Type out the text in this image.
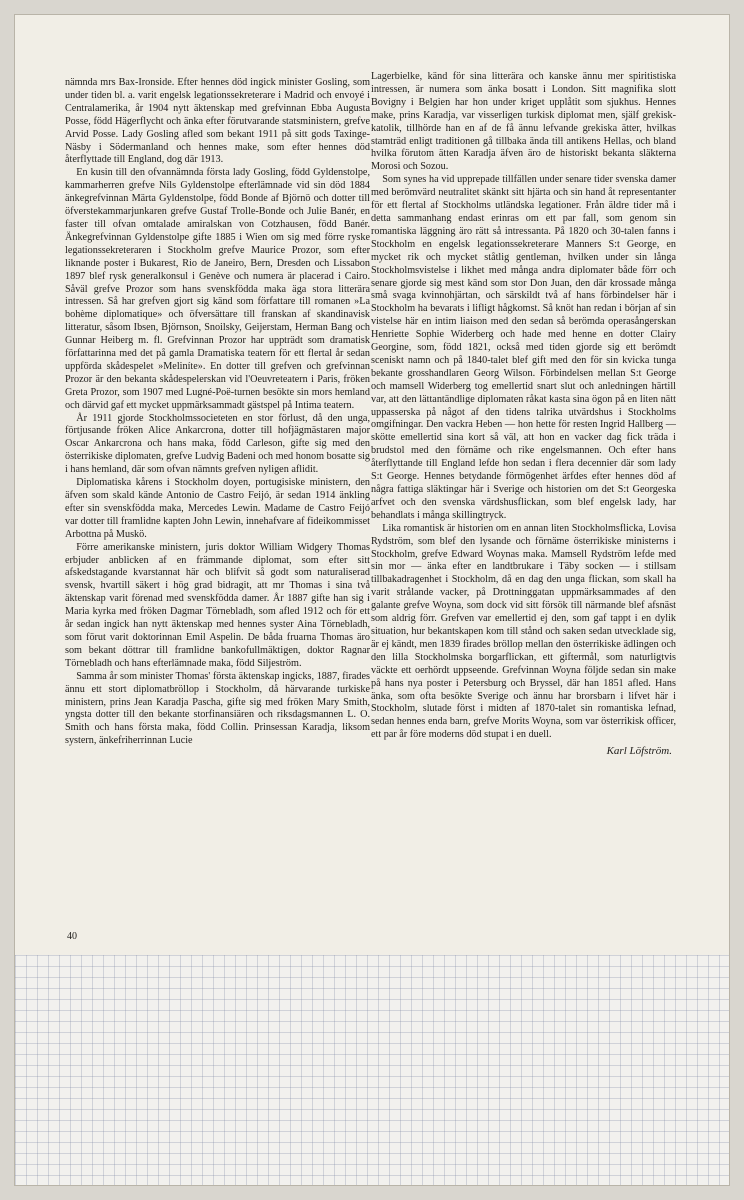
nämnda mrs Bax-Ironside. Efter hennes död ingick minister Gosling, som under tiden bl. a. varit engelsk legationssekreterare i Madrid och envoyé i Centralamerika, år 1904 nytt äktenskap med grefvinnan Ebba Augusta Posse, född Hägerflycht och änka efter förutvarande statsministern, grefve Arvid Posse. Lady Gosling afled som bekant 1911 på sitt gods Taxinge-Näsby i Södermanland och hennes make, som efter hennes död återflyttade till England, dog där 1913.

En kusin till den ofvannämnda första lady Gosling, född Gyldenstolpe, kammarherren grefve Nils Gyldenstolpe efterlämnade vid sin död 1884 änkegrefvinnan Märta Gyldenstolpe, född Bonde af Björnö och dotter till öfverstekammarjunkaren grefve Gustaf Trolle-Bonde och Julie Banér, en faster till ofvan omtalade amiralskan von Cotzhausen, född Banér. Änkegrefvinnan Gyldenstolpe gifte 1885 i Wien om sig med förre ryske legationssekreteraren i Stockholm grefve Maurice Prozor, som efter liknande poster i Bukarest, Rio de Janeiro, Bern, Dresden och Lissabon 1897 blef rysk generalkonsul i Genève och numera är placerad i Cairo. Såväl grefve Prozor som hans svenskfödda maka äga stora litterära intressen. Så har grefven gjort sig känd som författare till romanen »La bohème diplomatique» och öfversättare till franskan af skandinavisk litteratur, såsom Ibsen, Björnson, Snoilsky, Geijerstam, Herman Bang och Gunnar Heiberg m. fl. Grefvinnan Prozor har uppträdt som dramatisk författarinna med det på gamla Dramatiska teatern för ett flertal år sedan uppförda skådespelet »Meliníte». En dotter till grefven och grefvinnan Prozor är den bekanta skådespelerskan vid l'Oeuvreteatern i Paris, fröken Greta Prozor, som 1907 med Lugné-Poë-turnen besökte sin mors hemland och därvid gaf ett mycket uppmärksammadt gästspel på Intima teatern.

År 1911 gjorde Stockholmssocieteten en stor förlust, då den unga, förtjusande fröken Alice Ankarcrona, dotter till hofjägmästaren major Oscar Ankarcrona och hans maka, född Carleson, gifte sig med den österrikiske diplomaten, grefve Ludvig Badeni och med honom bosatte sig i hans hemland, där som ofvan nämnts grefven nyligen aflidit.

Diplomatiska kårens i Stockholm doyen, portugisiske ministern, den äfven som skald kände Antonio de Castro Feijó, är sedan 1914 änkling efter sin svenskfödda maka, Mercedes Lewin. Madame de Castro Feijó var dotter till framlidne kapten John Lewin, innehafvare af fideikommisset Arbottna på Muskö.

Förre amerikanske ministern, juris doktor William Widgery Thomas erbjuder anblicken af en främmande diplomat, som efter sitt afskedstagande kvarstannat här och blifvit så godt som naturaliserad svensk, hvartill säkert i hög grad bidragit, att mr Thomas i sina två äktenskap varit förenad med svenskfödda damer. År 1887 gifte han sig i Maria kyrka med fröken Dagmar Törnebladh, som afled 1912 och för ett år sedan ingick han nytt äktenskap med hennes syster Aina Törnebladh, som förut varit doktorinnan Emil Aspelin. De båda fruarna Thomas äro som bekant döttrar till framlidne bankofullmäktigen, doktor Ragnar Törnebladh och hans efterlämnade maka, född Siljeström.

Samma år som minister Thomas' första äktenskap ingicks, 1887, firades ännu ett stort diplomatbröllop i Stockholm, då härvarande turkiske ministern, prins Jean Karadja Pascha, gifte sig med fröken Mary Smith, yngsta dotter till den bekante storfinansiären och riksdagsmannen L. O. Smith och hans första maka, född Collin. Prinsessan Karadja, liksom systern, änkefriherrinnan Lucie

Lagerbielke, känd för sina litterära och kanske ännu mer spiritistiska intressen, är numera som änka bosatt i London. Sitt magnifika slott Bovigny i Belgien har hon under kriget upplåtit som sjukhus. Hennes make, prins Karadja, var visserligen turkisk diplomat men, själf grekisk-katolik, tillhörde han en af de få ännu lefvande grekiska ätter, hvilkas stamträd enligt traditionen gå tillbaka ända till antikens Hellas, och bland hvilka förutom ätten Karadja äfven äro de historiskt bekanta släkterna Morosi och Sozou.

Som synes ha vid upprepade tillfällen under senare tider svenska damer med berömvärd neutralitet skänkt sitt hjärta och sin hand åt representanter för ett flertal af Stockholms utländska legationer. Från äldre tider må i detta sammanhang endast erinras om ett par fall, som genom sin romantiska läggning äro rätt så intressanta. På 1820 och 30-talen fanns i Stockholm en engelsk legationssekreterare Manners S:t George, en mycket rik och mycket ståtlig gentleman, hvilken under sin långa Stockholmsvistelse i likhet med många andra diplomater både förr och senare gjorde sig mest känd som stor Don Juan, den där krossade många små svaga kvinnohjärtan, och särskildt två af hans förbindelser här i Stockholm ha bevarats i lifligt hågkomst. Så knöt han redan i början af sin vistelse här en intim liaison med den sedan så berömda operasångerskan Henriette Sophie Widerberg och hade med henne en dotter Clairy Georgine, som, född 1821, också med tiden gjorde sig ett berömdt sceniskt namn och på 1840-talet blef gift med den för sin kvicka tunga bekante grosshandlaren Georg Wilson. Förbindelsen mellan S:t George och mamsell Widerberg tog emellertid snart slut och anledningen härtill var, att den lättantändlige diplomaten råkat kasta sina ögon på en liten nätt uppasserska på något af den tidens talrika utvärdshus i Stockholms omgifningar. Den vackra Heben — hon hette för resten Ingrid Hallberg — skötte emellertid sina kort så väl, att hon en vacker dag fick träda i brudstol med den förnäme och rike engelsmannen. Och efter hans återflyttande till England lefde hon sedan i flera decennier där som lady S:t George. Hennes betydande förmögenhet ärfdes efter hennes död af några fattiga släktingar här i Sverige och historien om det S:t Georgeska arfvet och den svenska värdshusflickan, som blef engelsk lady, har behandlats i många skillingtryck.

Lika romantisk är historien om en annan liten Stockholmsflicka, Lovisa Rydström, som blef den lysande och förnäme österrikiske ministerns i Stockholm, grefve Edward Woynas maka. Mamsell Rydström lefde med sin mor — änka efter en landtbrukare i Täby socken — i stillsam tillbakadragenhet i Stockholm, då en dag den unga flickan, som skall ha varit strålande vacker, på Drottninggatan uppmärksammades af den galante grefve Woyna, som dock vid sitt försök till närmande blef afsnäst som aldrig förr. Grefven var emellertid ej den, som gaf tappt i en dylik situation, hur bekantskapen kom till stånd och saken sedan utvecklade sig, är ej kändt, men 1839 firades bröllop mellan den österrikiske ädlingen och den lilla Stockholmska borgarflickan, ett giftermål, som naturligtvis väckte ett oerhördt uppseende. Grefvinnan Woyna följde sedan sin make på hans nya poster i Petersburg och Bryssel, där han 1851 afled. Hans änka, som ofta besökte Sverige och ännu har brorsbarn i lifvet här i Stockholm, slutade först i midten af 1870-talet sin romantiska lefnad, sedan hennes enda barn, grefve Morits Woyna, som var österrikisk officer, ett par år före moderns död stupat i en duell.

Karl Löfström.
40
